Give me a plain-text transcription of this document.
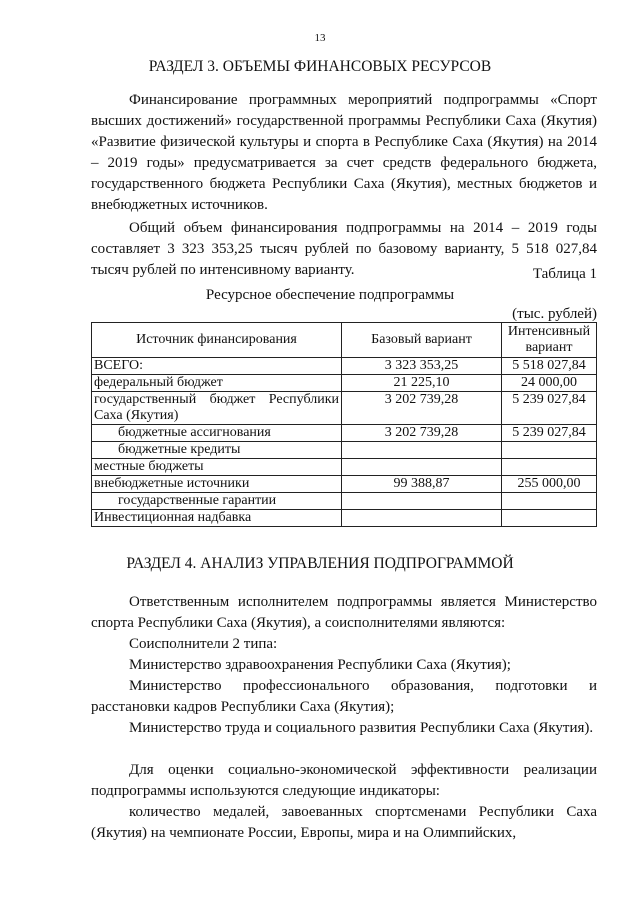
13
РАЗДЕЛ 3. ОБЪЕМЫ ФИНАНСОВЫХ РЕСУРСОВ

Финансирование программных мероприятий подпрограммы «Спорт высших достижений» государственной программы Республики Саха (Якутия) «Развитие физической культуры и спорта в Республике Саха (Якутия) на 2014 – 2019 годы» предусматривается за счет средств федерального бюджета, государственного бюджета Республики Саха (Якутия), местных бюджетов и внебюджетных источников.

Общий объем финансирования подпрограммы на 2014 – 2019 годы составляет 3 323 353,25 тысяч рублей по базовому варианту, 5 518 027,84 тысяч рублей по интенсивному варианту.	Таблица 1

Ресурсное обеспечение подпрограммы

(тыс. рублей)

Источник финансирования	Базовый вариант	Интенсивный вариант
ВСЕГО:	3 323 353,25	5 518 027,84
федеральный бюджет	21 225,10	24 000,00
государственный бюджет Республики Саха (Якутия)	3 202 739,28	5 239 027,84
бюджетные ассигнования	3 202 739,28	5 239 027,84
бюджетные кредиты		
местные бюджеты		
внебюджетные источники	99 388,87	255 000,00
государственные гарантии		
Инвестиционная надбавка		
РАЗДЕЛ 4. АНАЛИЗ УПРАВЛЕНИЯ ПОДПРОГРАММОЙ

Ответственным исполнителем подпрограммы является Министерство спорта Республики Саха (Якутия), а соисполнителями являются:

Соисполнители 2 типа:

Министерство здравоохранения Республики Саха (Якутия);

Министерство профессионального образования, подготовки и расстановки кадров Республики Саха (Якутия);

Министерство труда и социального развития Республики Саха (Якутия).

Для оценки социально-экономической эффективности реализации подпрограммы используются следующие индикаторы:

количество медалей, завоеванных спортсменами Республики Саха (Якутия) на чемпионате России, Европы, мира и на Олимпийских,
